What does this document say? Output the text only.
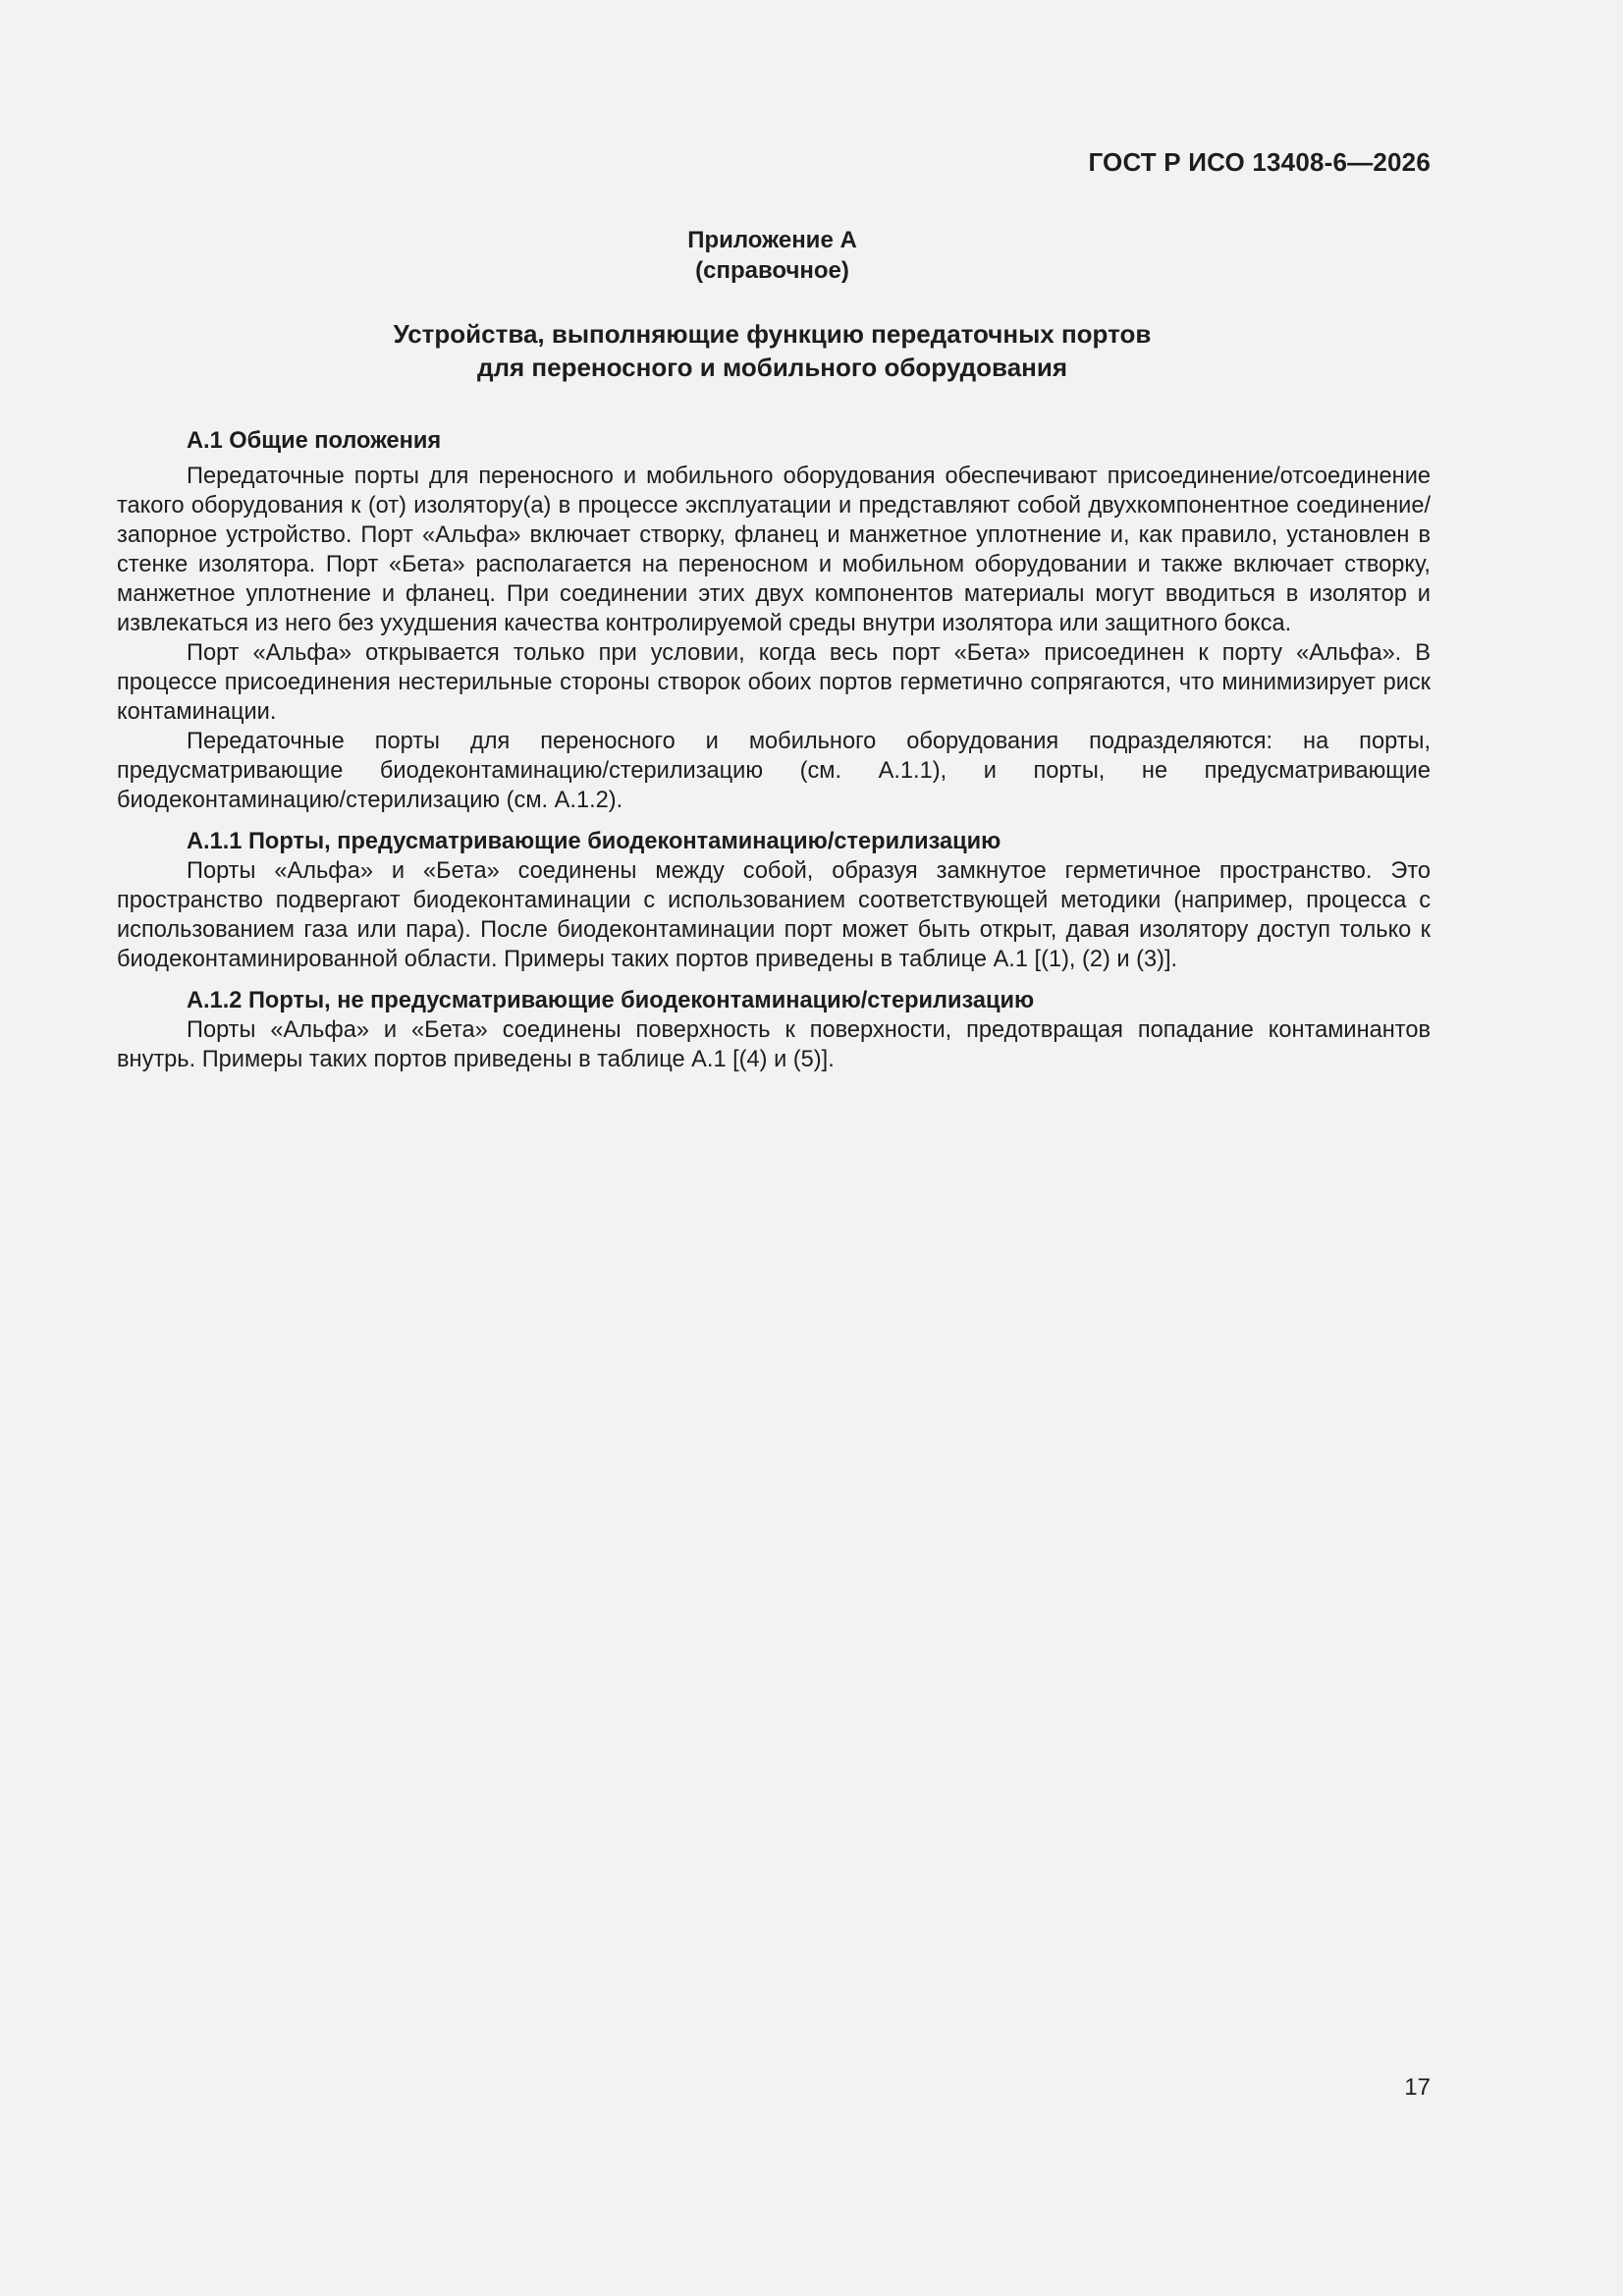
ГОСТ Р ИСО 13408-6—2026
Приложение А
(справочное)
Устройства, выполняющие функцию передаточных портов
для переносного и мобильного оборудования
А.1 Общие положения

Передаточные порты для переносного и мобильного оборудования обеспечивают присоединение/отсоединение такого оборудования к (от) изолятору(а) в процессе эксплуатации и представляют собой двухкомпонентное соединение/запорное устройство. Порт «Альфа» включает створку, фланец и манжетное уплотнение и, как правило, установлен в стенке изолятора. Порт «Бета» располагается на переносном и мобильном оборудовании и также включает створку, манжетное уплотнение и фланец. При соединении этих двух компонентов материалы могут вводиться в изолятор и извлекаться из него без ухудшения качества контролируемой среды внутри изолятора или защитного бокса.

Порт «Альфа» открывается только при условии, когда весь порт «Бета» присоединен к порту «Альфа». В процессе присоединения нестерильные стороны створок обоих портов герметично сопрягаются, что минимизирует риск контаминации.

Передаточные порты для переносного и мобильного оборудования подразделяются: на порты, предусматривающие биодеконтаминацию/стерилизацию (см. А.1.1), и порты, не предусматривающие биодеконтаминацию/стерилизацию (см. А.1.2).

А.1.1 Порты, предусматривающие биодеконтаминацию/стерилизацию

Порты «Альфа» и «Бета» соединены между собой, образуя замкнутое герметичное пространство. Это пространство подвергают биодеконтаминации с использованием соответствующей методики (например, процесса с использованием газа или пара). После биодеконтаминации порт может быть открыт, давая изолятору доступ только к биодеконтаминированной области. Примеры таких портов приведены в таблице А.1 [(1), (2) и (3)].

А.1.2 Порты, не предусматривающие биодеконтаминацию/стерилизацию

Порты «Альфа» и «Бета» соединены поверхность к поверхности, предотвращая попадание контаминантов внутрь. Примеры таких портов приведены в таблице А.1 [(4) и (5)].

17
